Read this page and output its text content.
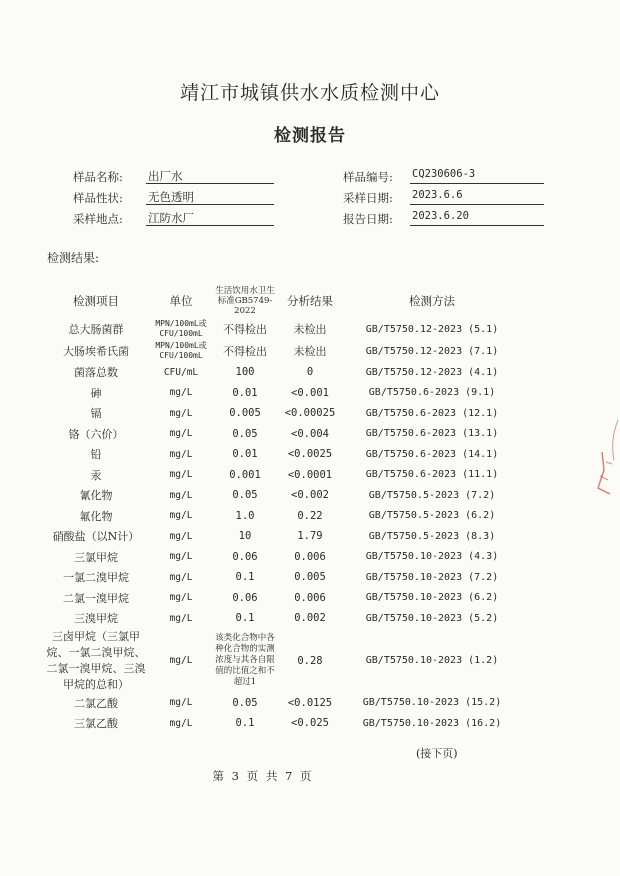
靖江市城镇供水水质检测中心
检测报告
样品名称: 出厂水	样品编号: CQ230606-3
样品性状: 无色透明	采样日期: 2023.6.6
采样地点: 江防水厂	报告日期: 2023.6.20
检测结果:
检测项目	单位	生活饮用水卫生标准GB5749-2022	分析结果	检测方法
总大肠菌群	MPN/100mL或CFU/100mL	不得检出	未检出	GB/T5750.12-2023 (5.1)
大肠埃希氏菌	MPN/100mL或CFU/100mL	不得检出	未检出	GB/T5750.12-2023 (7.1)
菌落总数	CFU/mL	100	0	GB/T5750.12-2023 (4.1)
砷	mg/L	0.01	<0.001	GB/T5750.6-2023 (9.1)
镉	mg/L	0.005	<0.00025	GB/T5750.6-2023 (12.1)
铬（六价）	mg/L	0.05	<0.004	GB/T5750.6-2023 (13.1)
铅	mg/L	0.01	<0.0025	GB/T5750.6-2023 (14.1)
汞	mg/L	0.001	<0.0001	GB/T5750.6-2023 (11.1)
氰化物	mg/L	0.05	<0.002	GB/T5750.5-2023 (7.2)
氟化物	mg/L	1.0	0.22	GB/T5750.5-2023 (6.2)
硝酸盐（以N计）	mg/L	10	1.79	GB/T5750.5-2023 (8.3)
三氯甲烷	mg/L	0.06	0.006	GB/T5750.10-2023 (4.3)
一氯二溴甲烷	mg/L	0.1	0.005	GB/T5750.10-2023 (7.2)
二氯一溴甲烷	mg/L	0.06	0.006	GB/T5750.10-2023 (6.2)
三溴甲烷	mg/L	0.1	0.002	GB/T5750.10-2023 (5.2)
三卤甲烷（三氯甲烷、一氯二溴甲烷、二氯一溴甲烷、三溴甲烷的总和）	mg/L	该类化合物中各种化合物的实测浓度与其各自限值的比值之和不超过1	0.28	GB/T5750.10-2023 (1.2)
二氯乙酸	mg/L	0.05	<0.0125	GB/T5750.10-2023 (15.2)
三氯乙酸	mg/L	0.1	<0.025	GB/T5750.10-2023 (16.2)
(接下页)
第 3 页 共 7 页
